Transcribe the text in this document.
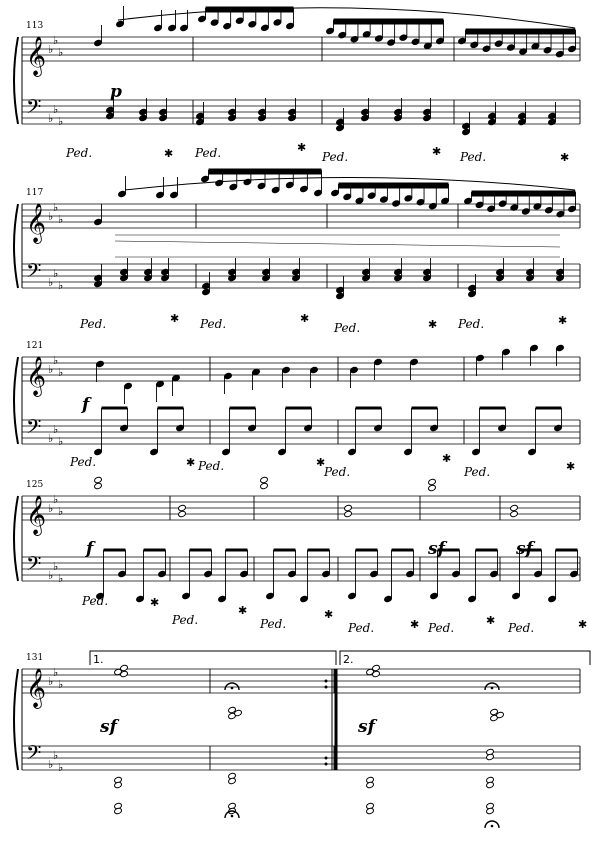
𝄞
𝄢
♭
♭
♭
♭
♭
♭
113
𝄞
𝄢
♭
♭
♭
♭
♭
♭
117
𝄞
𝄢
♭
♭
♭
♭
♭
♭
121
𝄞
𝄢
♭
♭
♭
♭
♭
♭
125
𝄞
𝄢
♭
♭
♭
♭
♭
♭
131
p
Ped.	Ped.	Ped.	Ped.
✱	✱	✱	✱
Ped.	Ped.	Ped.	Ped.
✱	✱	✱	✱
f
Ped.	Ped.	Ped.	Ped.
✱	✱	✱
✱
f	sf	sf
Ped.
Ped.	Ped.	Ped.	Ped.	Ped.
✱
✱	✱
✱	✱	✱
1.	2.
sf	sf
